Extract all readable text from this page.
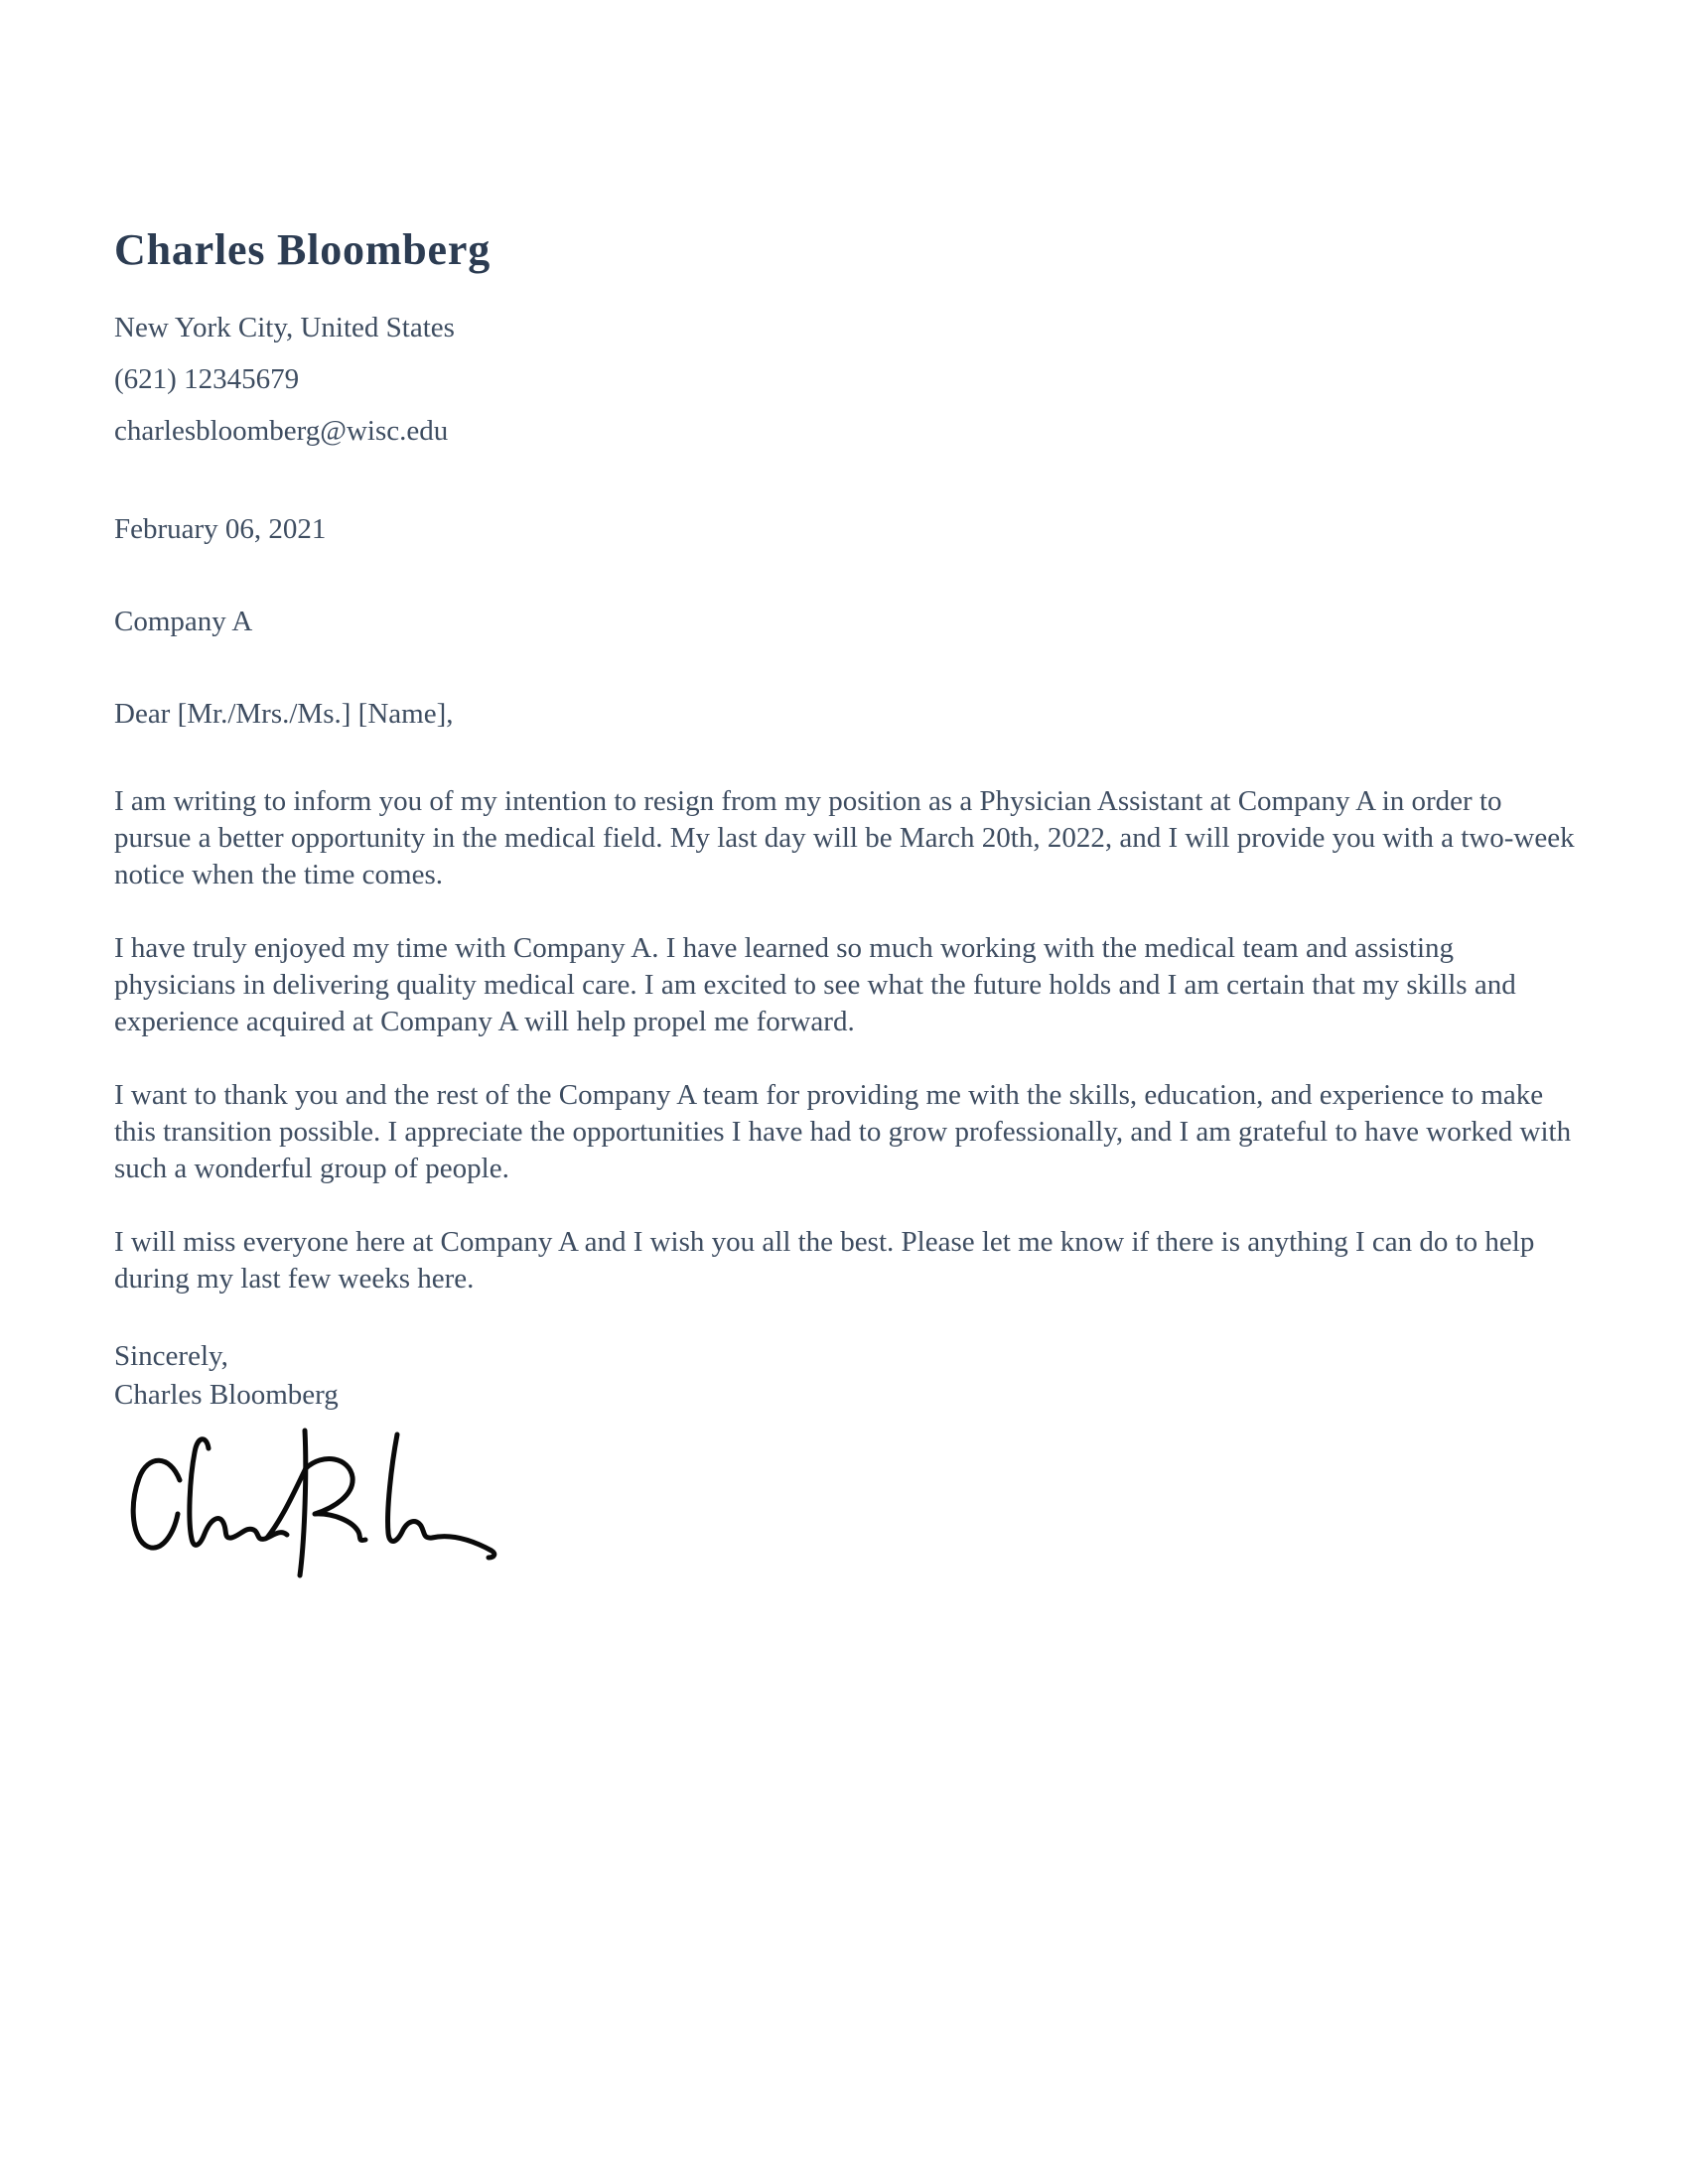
Charles Bloomberg
New York City, United States
(621) 12345679
charlesbloomberg@wisc.edu
February 06, 2021
Company A
Dear [Mr./Mrs./Ms.] [Name],

I am writing to inform you of my intention to resign from my position as a Physician Assistant at Company A in order to pursue a better opportunity in the medical field. My last day will be March 20th, 2022, and I will provide you with a two-week notice when the time comes.

I have truly enjoyed my time with Company A. I have learned so much working with the medical team and assisting physicians in delivering quality medical care. I am excited to see what the future holds and I am certain that my skills and experience acquired at Company A will help propel me forward.

I want to thank you and the rest of the Company A team for providing me with the skills, education, and experience to make this transition possible. I appreciate the opportunities I have had to grow professionally, and I am grateful to have worked with such a wonderful group of people.

I will miss everyone here at Company A and I wish you all the best. Please let me know if there is anything I can do to help during my last few weeks here.

Sincerely,
Charles Bloomberg
